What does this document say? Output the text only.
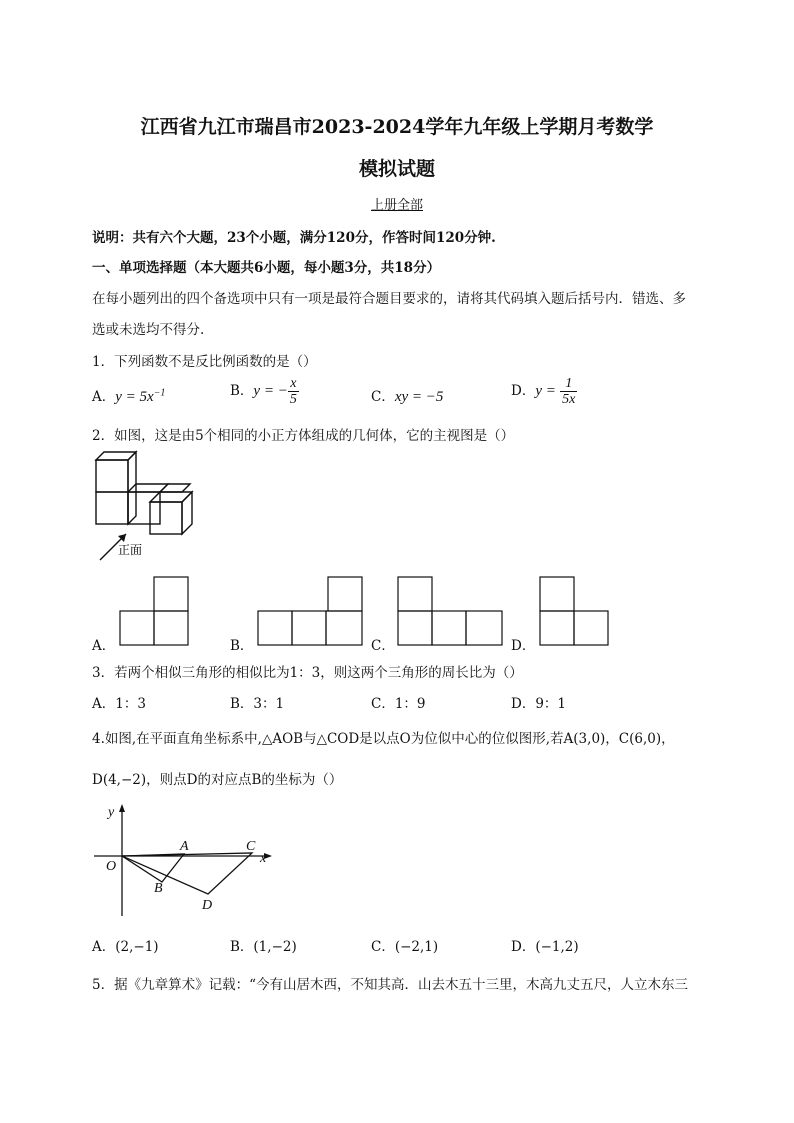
江西省九江市瑞昌市2023-2024学年九年级上学期月考数学
模拟试题
上册全部
说明：共有六个大题，23个小题，满分120分，作答时间120分钟.
一、单项选择题（本大题共6小题，每小题3分，共18分）
在每小题列出的四个备选项中只有一项是最符合题目要求的，请将其代码填入题后括号内．错选、多
选或未选均不得分.
1．下列函数不是反比例函数的是（）
A．$y = 5x^{-1}$	B．y = − $\frac{x}{5}$	C．xy = −5	D．$y = \frac{1}{5x}$
2．如图，这是由5个相同的小正方体组成的几何体，它的主视图是（）
正面
A．	B．	C．	D．
3．若两个相似三角形的相似比为1：3，则这两个三角形的周长比为（）
A．1：3	B．3：1	C．1：9	D．9：1
4.如图,在平面直角坐标系中,△AOB与△COD是以点O为位似中心的位似图形,若A(3,0)，C(6,0)，
D(4,−2)，则点D的对应点B的坐标为（）
y
x
O
A
B
C
D
A．(2,−1)	B．(1,−2)	C．(−2,1)	D．(−1,2)
5．据《九章算术》记载：“今有山居木西，不知其高．山去木五十三里，木高九丈五尺，人立木东三
